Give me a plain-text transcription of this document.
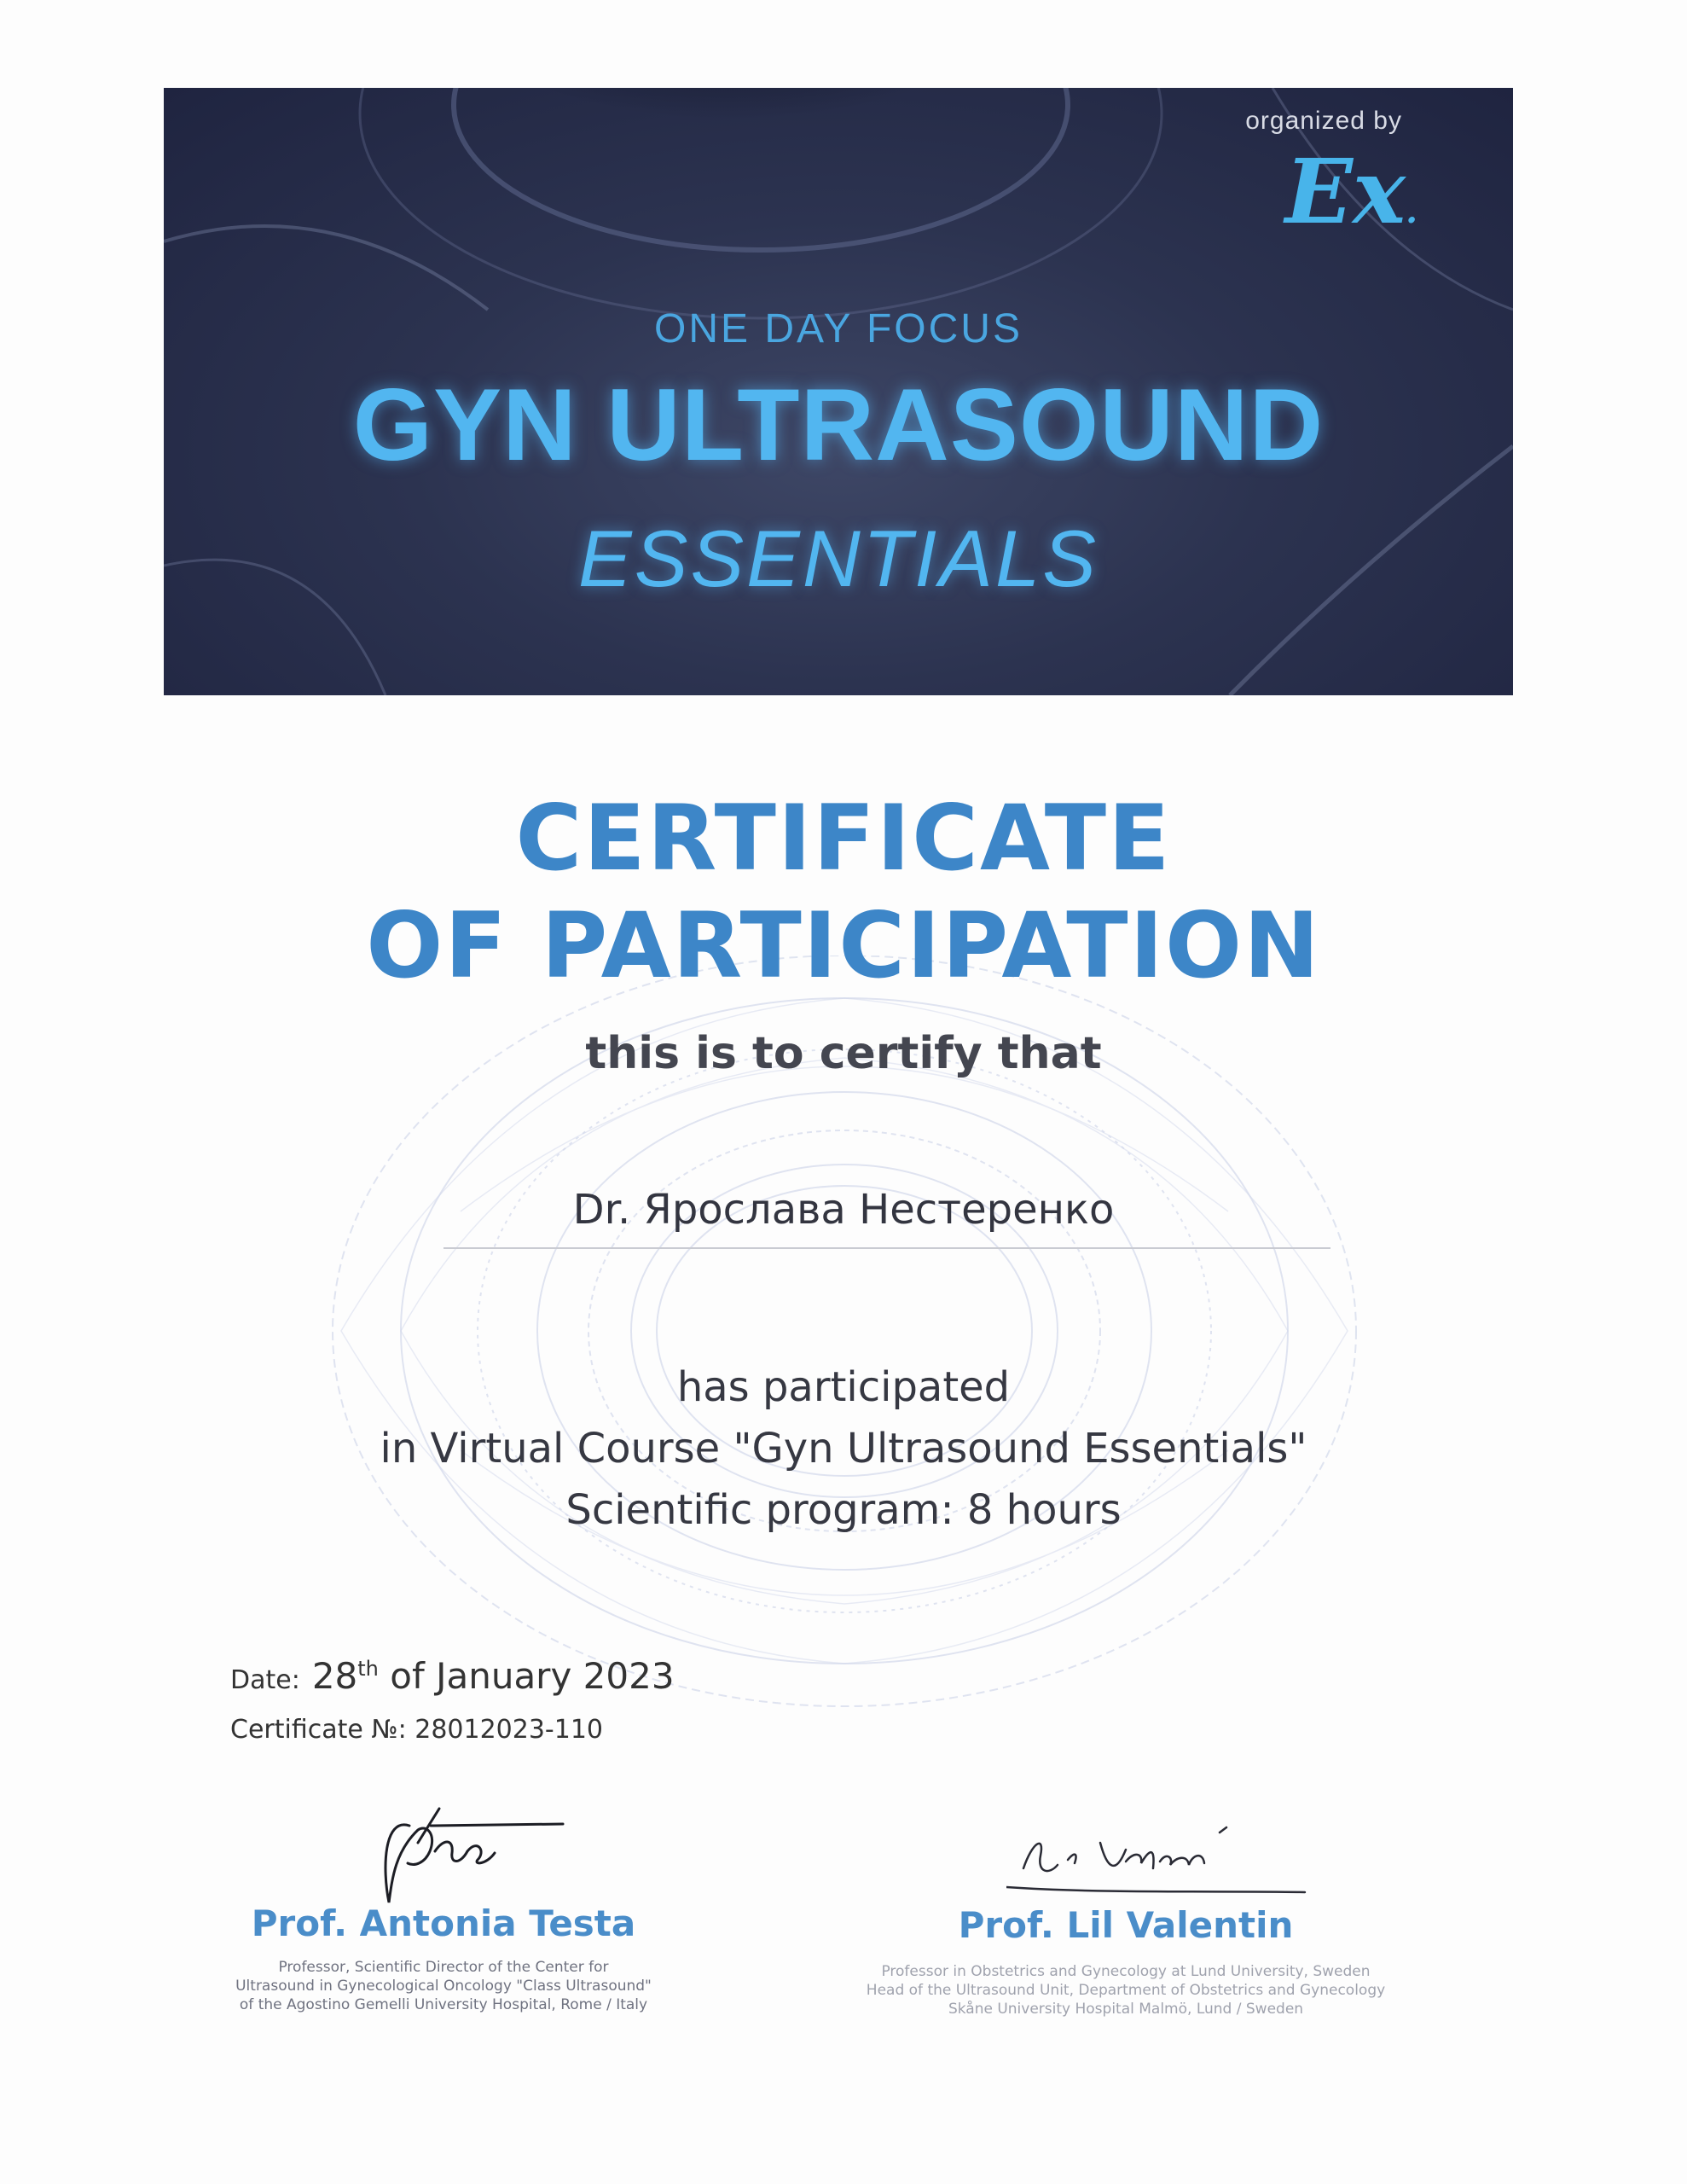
organized by
Ex.
ONE DAY FOCUS
GYN ULTRASOUND
ESSENTIALS
CERTIFICATE
OF PARTICIPATION
this is to certify that
Dr. Ярослава Нестеренко
has participated
in Virtual Course "Gyn Ultrasound Essentials"
Scientific program: 8 hours
Date: 28th of January 2023
Certificate №: 28012023-110
Prof. Antonia Testa
Professor, Scientific Director of the Center for
Ultrasound in Gynecological Oncology "Class Ultrasound"
of the Agostino Gemelli University Hospital, Rome / Italy
Prof. Lil Valentin
Professor in Obstetrics and Gynecology at Lund University, Sweden
Head of the Ultrasound Unit, Department of Obstetrics and Gynecology
Skåne University Hospital Malmö, Lund / Sweden
